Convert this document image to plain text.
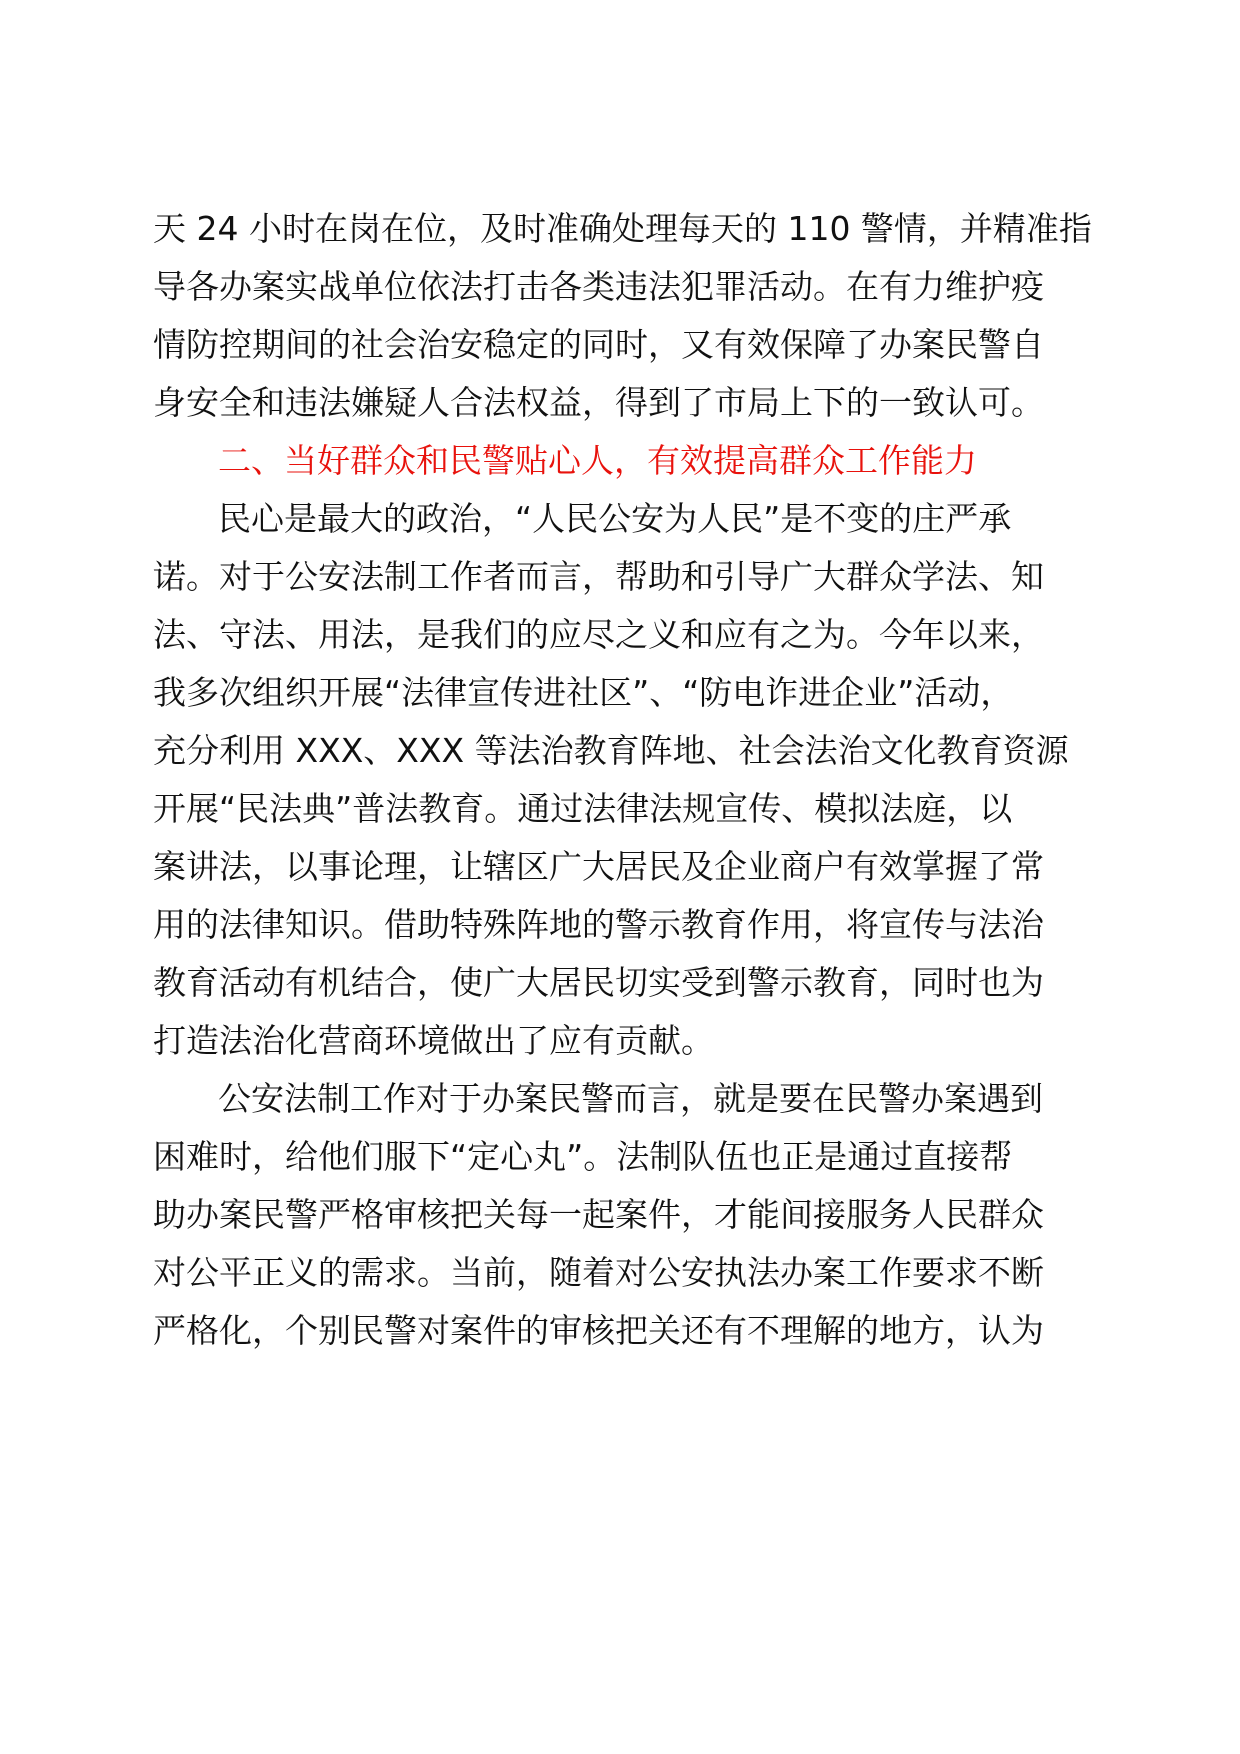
天 24 小时在岗在位，及时准确处理每天的 110 警情，并精准指
导各办案实战单位依法打击各类违法犯罪活动。在有力维护疫
情防控期间的社会治安稳定的同时，又有效保障了办案民警自
身安全和违法嫌疑人合法权益，得到了市局上下的一致认可。
二、当好群众和民警贴心人，有效提高群众工作能力
民心是最大的政治，“人民公安为人民”是不变的庄严承
诺。对于公安法制工作者而言，帮助和引导广大群众学法、知
法、守法、用法，是我们的应尽之义和应有之为。今年以来，
我多次组织开展“法律宣传进社区”、“防电诈进企业”活动，
充分利用 XXX、XXX 等法治教育阵地、社会法治文化教育资源
开展“民法典”普法教育。通过法律法规宣传、模拟法庭，以
案讲法，以事论理，让辖区广大居民及企业商户有效掌握了常
用的法律知识。借助特殊阵地的警示教育作用，将宣传与法治
教育活动有机结合，使广大居民切实受到警示教育，同时也为
打造法治化营商环境做出了应有贡献。
公安法制工作对于办案民警而言，就是要在民警办案遇到
困难时，给他们服下“定心丸”。法制队伍也正是通过直接帮
助办案民警严格审核把关每一起案件，才能间接服务人民群众
对公平正义的需求。当前，随着对公安执法办案工作要求不断
严格化，个别民警对案件的审核把关还有不理解的地方，认为
